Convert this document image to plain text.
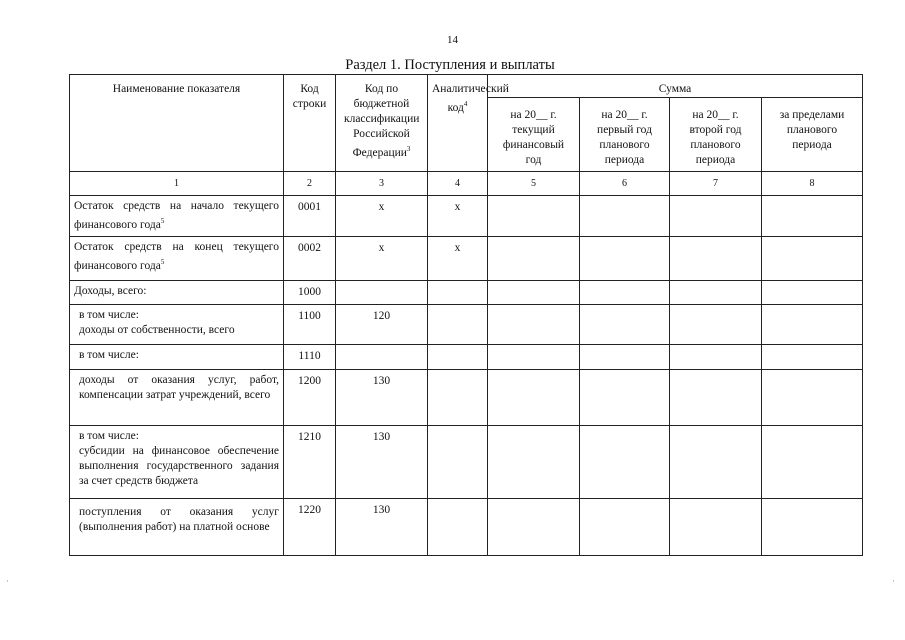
14
Раздел 1. Поступления и выплаты
Наименование показателя	Код строки	Код по бюджетной классификации Российской Федерации$^3$	Аналитический код$^4$	Сумма			
				на 20__ г. текущий финансовый год	на 20__ г. первый год планового периода	на 20__ г. второй год планового периода	за пределами планового периода
1	2	3	4	5	6	7	8
Остаток средств на начало текущего финансового года$^5$	0001	х	х				
Остаток средств на конец текущего финансового года$^5$	0002	х	х				
Доходы, всего:	1000						
в том числе:
доходы от собственности, всего	1100	120					
в том числе:	1110						
доходы от оказания услуг, работ, компенсации затрат учреждений, всего	1200	130					
в том числе:
субсидии на финансовое обеспечение выполнения государственного задания за счет средств бюджета	1210	130					
поступления от оказания услуг (выполнения работ) на платной основе	1220	130					
·	·
